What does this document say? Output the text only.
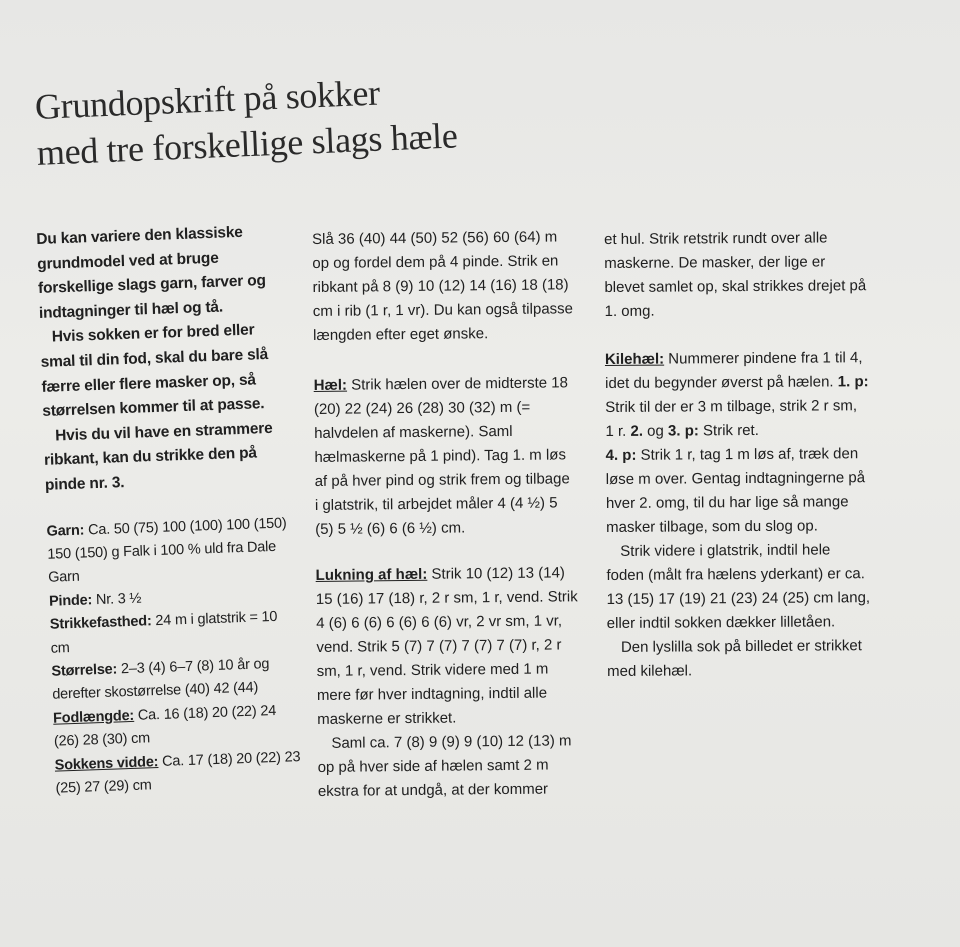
Grundopskrift på sokker
med tre forskellige slags hæle

Du kan variere den klassiske grundmodel ved at bruge forskellige slags garn, farver og indtagninger til hæl og tå.

Hvis sokken er for bred eller smal til din fod, skal du bare slå færre eller flere masker op, så størrelsen kommer til at passe.

Hvis du vil have en strammere ribkant, kan du strikke den på pinde nr. 3.

Garn: Ca. 50 (75) 100 (100) 100 (150) 150 (150) g Falk i 100 % uld fra Dale Garn

Pinde: Nr. 3 ½

Strikkefasthed: 24 m i glatstrik = 10 cm

Størrelse: 2–3 (4) 6–7 (8) 10 år og derefter skostørrelse (40) 42 (44)

Fodlængde: Ca. 16 (18) 20 (22) 24 (26) 28 (30) cm

Sokkens vidde: Ca. 17 (18) 20 (22) 23 (25) 27 (29) cm

Slå 36 (40) 44 (50) 52 (56) 60 (64) m op og fordel dem på 4 pinde. Strik en ribkant på 8 (9) 10 (12) 14 (16) 18 (18) cm i rib (1 r, 1 vr). Du kan også tilpasse længden efter eget ønske.

Hæl: Strik hælen over de midterste 18 (20) 22 (24) 26 (28) 30 (32) m (= halvdelen af maskerne). Saml hælmaskerne på 1 pind). Tag 1. m løs af på hver pind og strik frem og tilbage i glatstrik, til arbejdet måler 4 (4 ½) 5 (5) 5 ½ (6) 6 (6 ½) cm.

Lukning af hæl: Strik 10 (12) 13 (14) 15 (16) 17 (18) r, 2 r sm, 1 r, vend. Strik 4 (6) 6 (6) 6 (6) 6 (6) vr, 2 vr sm, 1 vr, vend. Strik 5 (7) 7 (7) 7 (7) 7 (7) r, 2 r sm, 1 r, vend. Strik videre med 1 m mere før hver indtagning, indtil alle maskerne er strikket.

Saml ca. 7 (8) 9 (9) 9 (10) 12 (13) m op på hver side af hælen samt 2 m ekstra for at undgå, at der kommer

et hul. Strik retstrik rundt over alle maskerne. De masker, der lige er blevet samlet op, skal strikkes drejet på 1. omg.

Kilehæl: Nummerer pindene fra 1 til 4, idet du begynder øverst på hælen. 1. p: Strik til der er 3 m tilbage, strik 2 r sm, 1 r. 2. og 3. p: Strik ret.
4. p: Strik 1 r, tag 1 m løs af, træk den løse m over. Gentag indtagningerne på hver 2. omg, til du har lige så mange masker tilbage, som du slog op.

Strik videre i glatstrik, indtil hele foden (målt fra hælens yderkant) er ca. 13 (15) 17 (19) 21 (23) 24 (25) cm lang, eller indtil sokken dækker lilletåen.

Den lyslilla sok på billedet er strikket med kilehæl.
